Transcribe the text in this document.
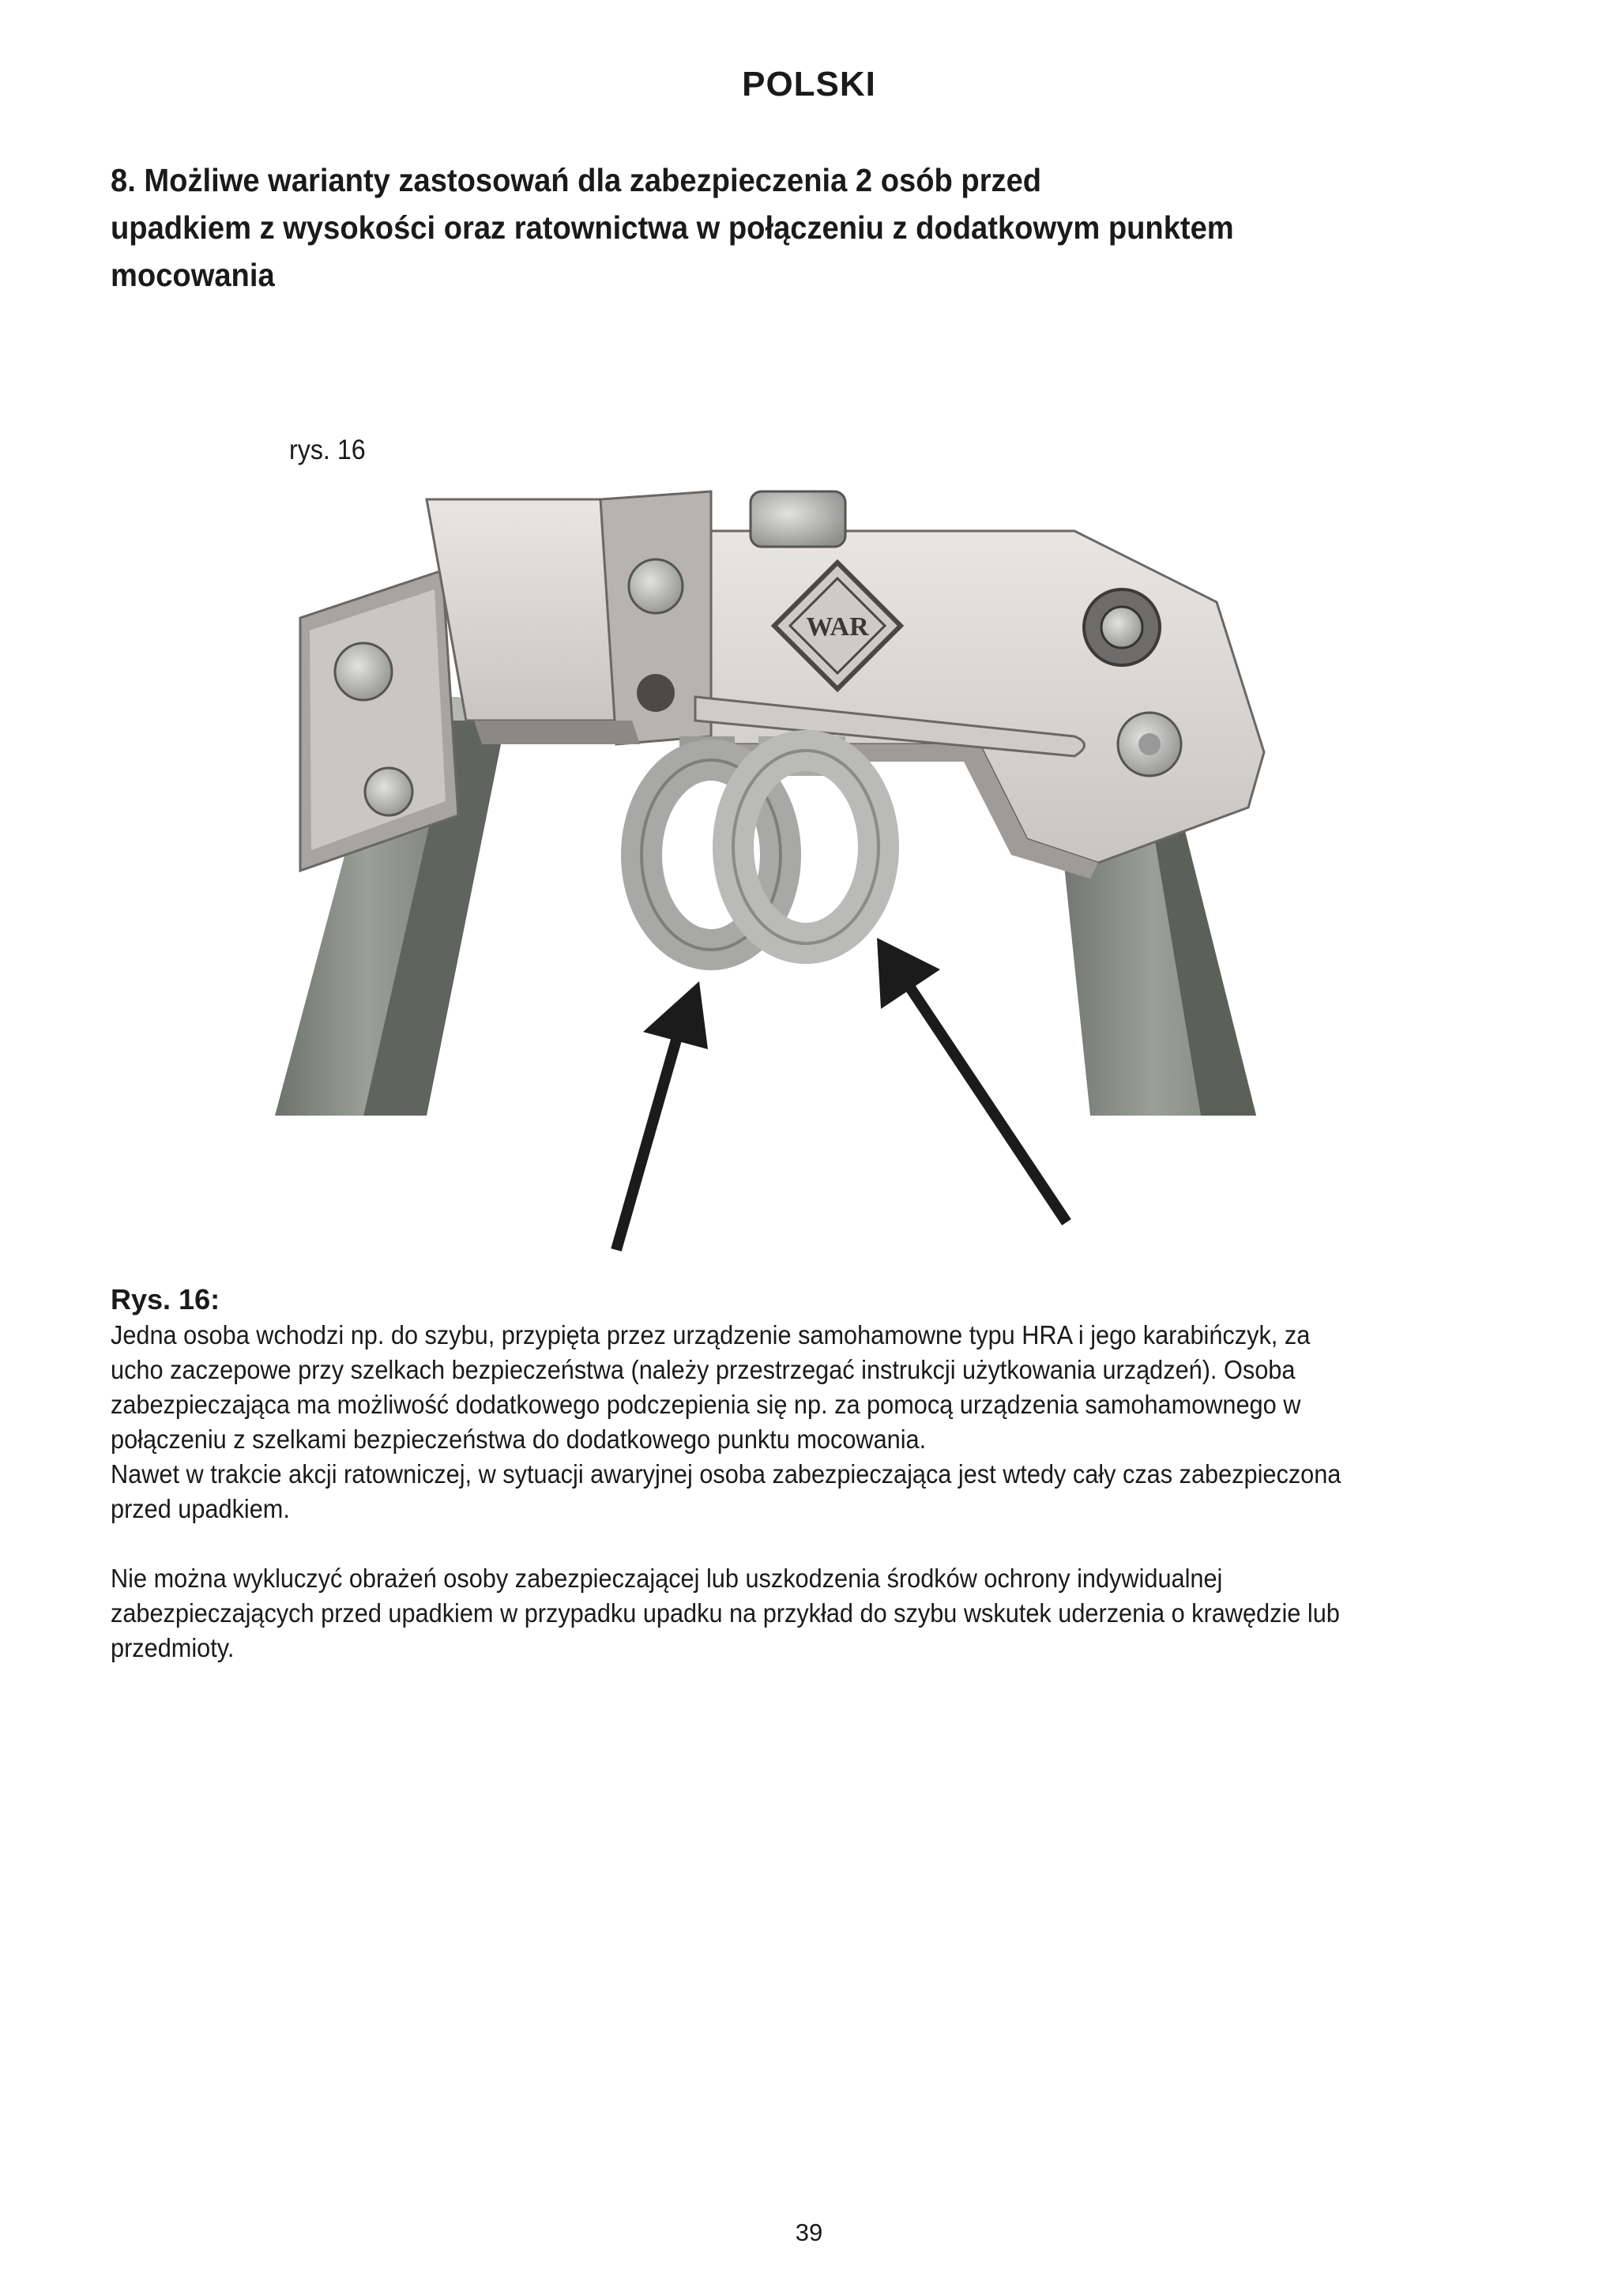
POLSKI
8. Możliwe warianty zastosowań dla zabezpieczenia 2 osób przed
upadkiem z wysokości oraz ratownictwa w połączeniu z dodatkowym punktem
mocowania
rys. 16
WAR
Rys. 16:
Jedna osoba wchodzi np. do szybu, przypięta przez urządzenie samohamowne typu HRA i jego karabińczyk, za
ucho zaczepowe przy szelkach bezpieczeństwa (należy przestrzegać instrukcji użytkowania urządzeń). Osoba
zabezpieczająca ma możliwość dodatkowego podczepienia się np. za pomocą urządzenia samohamownego w
połączeniu z szelkami bezpieczeństwa do dodatkowego punktu mocowania.
Nawet w trakcie akcji ratowniczej, w sytuacji awaryjnej osoba zabezpieczająca jest wtedy cały czas zabezpieczona
przed upadkiem.
Nie można wykluczyć obrażeń osoby zabezpieczającej lub uszkodzenia środków ochrony indywidualnej
zabezpieczających przed upadkiem w przypadku upadku na przykład do szybu wskutek uderzenia o krawędzie lub
przedmioty.
39
